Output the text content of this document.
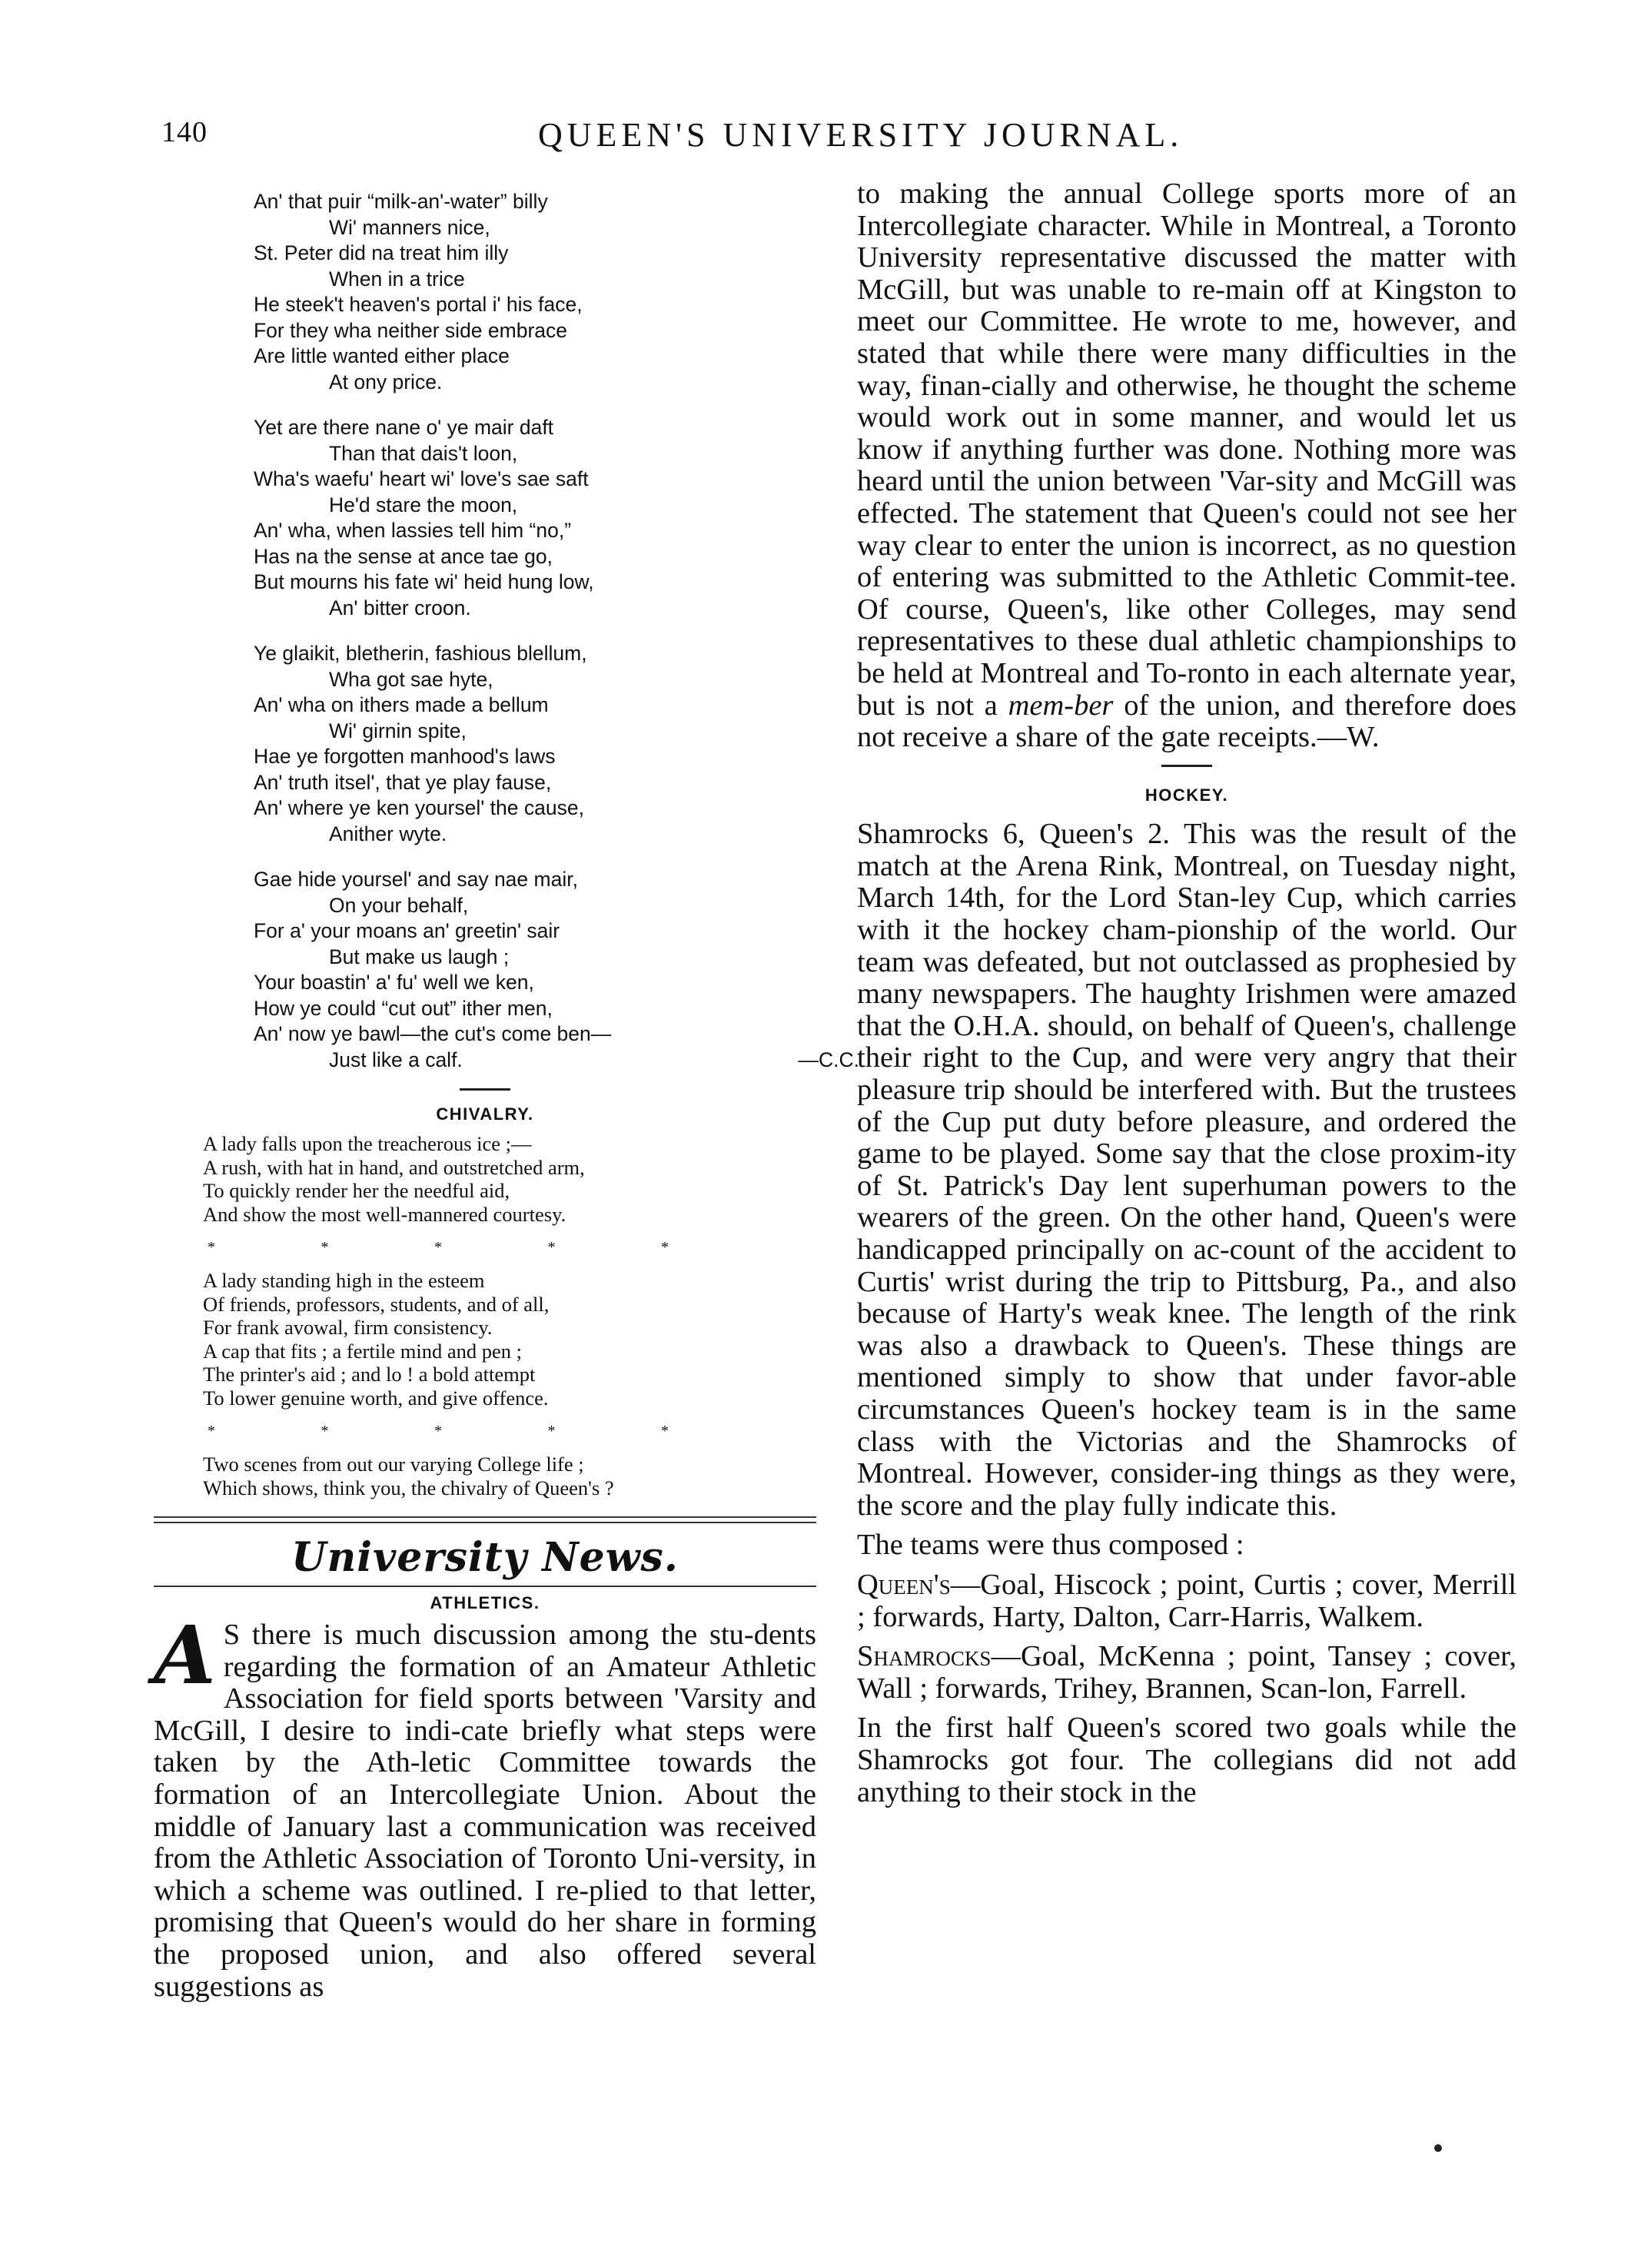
140	QUEEN'S UNIVERSITY JOURNAL.
An' that puir “milk-an'-water” billy
Wi' manners nice,
St. Peter did na treat him illy
When in a trice
He steek't heaven's portal i' his face,
For they wha neither side embrace
Are little wanted either place
At ony price.
Yet are there nane o' ye mair daft
Than that dais't loon,
Wha's waefu' heart wi' love's sae saft
He'd stare the moon,
An' wha, when lassies tell him “no,”
Has na the sense at ance tae go,
But mourns his fate wi' heid hung low,
An' bitter croon.
Ye glaikit, bletherin, fashious blellum,
Wha got sae hyte,
An' wha on ithers made a bellum
Wi' girnin spite,
Hae ye forgotten manhood's laws
An' truth itsel', that ye play fause,
An' where ye ken yoursel' the cause,
Anither wyte.
Gae hide yoursel' and say nae mair,
On your behalf,
For a' your moans an' greetin' sair
But make us laugh ;
Your boastin' a' fu' well we ken,
How ye could “cut out” ither men,
An' now ye bawl—the cut's come ben—
Just like a calf.	—C.C.
CHIVALRY.
A lady falls upon the treacherous ice ;—
A rush, with hat in hand, and outstretched arm,
To quickly render her the needful aid,
And show the most well-mannered courtesy.
*	*	*	*	*
A lady standing high in the esteem
Of friends, professors, students, and of all,
For frank avowal, firm consistency.
A cap that fits ; a fertile mind and pen ;
The printer's aid ; and lo ! a bold attempt
To lower genuine worth, and give offence.
*	*	*	*	*
Two scenes from out our varying College life ;
Which shows, think you, the chivalry of Queen's ?
University News.
ATHLETICS.

A S there is much discussion among the stu-dents regarding the formation of an Amateur Athletic Association for field sports between 'Varsity and McGill, I desire to indi-cate briefly what steps were taken by the Ath-letic Committee towards the formation of an Intercollegiate Union. About the middle of January last a communication was received from the Athletic Association of Toronto Uni-versity, in which a scheme was outlined. I re-plied to that letter, promising that Queen's would do her share in forming the proposed union, and also offered several suggestions as

to making the annual College sports more of an Intercollegiate character. While in Montreal, a Toronto University representative discussed the matter with McGill, but was unable to re-main off at Kingston to meet our Committee. He wrote to me, however, and stated that while there were many difficulties in the way, finan-cially and otherwise, he thought the scheme would work out in some manner, and would let us know if anything further was done. Nothing more was heard until the union between 'Var-sity and McGill was effected. The statement that Queen's could not see her way clear to enter the union is incorrect, as no question of entering was submitted to the Athletic Commit-tee. Of course, Queen's, like other Colleges, may send representatives to these dual athletic championships to be held at Montreal and To-ronto in each alternate year, but is not a mem-ber of the union, and therefore does not receive a share of the gate receipts.—W.

HOCKEY.

Shamrocks 6, Queen's 2. This was the result of the match at the Arena Rink, Montreal, on Tuesday night, March 14th, for the Lord Stan-ley Cup, which carries with it the hockey cham-pionship of the world. Our team was defeated, but not outclassed as prophesied by many newspapers. The haughty Irishmen were amazed that the O.H.A. should, on behalf of Queen's, challenge their right to the Cup, and were very angry that their pleasure trip should be interfered with. But the trustees of the Cup put duty before pleasure, and ordered the game to be played. Some say that the close proxim-ity of St. Patrick's Day lent superhuman powers to the wearers of the green. On the other hand, Queen's were handicapped principally on ac-count of the accident to Curtis' wrist during the trip to Pittsburg, Pa., and also because of Harty's weak knee. The length of the rink was also a drawback to Queen's. These things are mentioned simply to show that under favor-able circumstances Queen's hockey team is in the same class with the Victorias and the Shamrocks of Montreal. However, consider-ing things as they were, the score and the play fully indicate this.

The teams were thus composed :

Queen's—Goal, Hiscock ; point, Curtis ; cover, Merrill ; forwards, Harty, Dalton, Carr-Harris, Walkem.

Shamrocks—Goal, McKenna ; point, Tansey ; cover, Wall ; forwards, Trihey, Brannen, Scan-lon, Farrell.

In the first half Queen's scored two goals while the Shamrocks got four. The collegians did not add anything to their stock in the
